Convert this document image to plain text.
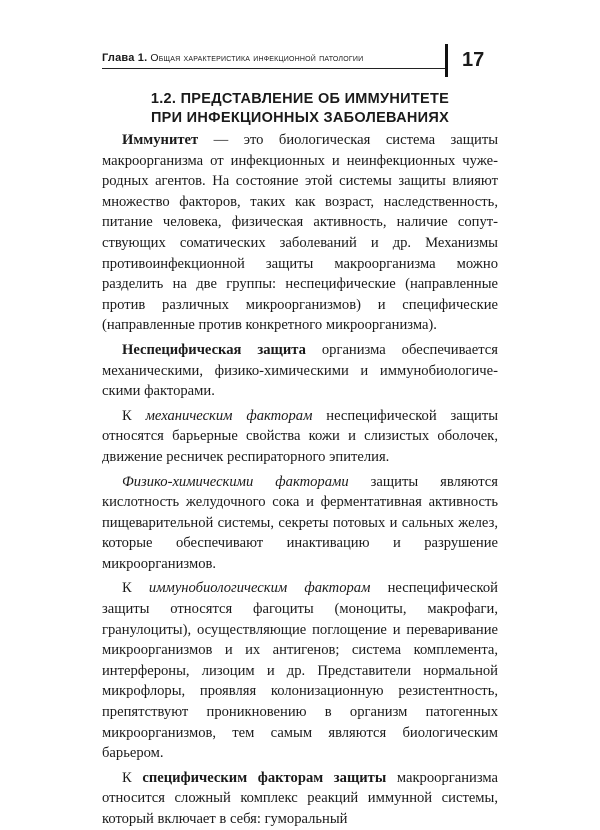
Глава 1. Общая характеристика инфекционной патологии	17
1.2. ПРЕДСТАВЛЕНИЕ ОБ ИММУНИТЕТЕ
ПРИ ИНФЕКЦИОННЫХ ЗАБОЛЕВАНИЯХ

Иммунитет — это биологическая система защиты макроорганизма от инфекционных и неинфекционных чужеродных агентов. На состояние этой системы защиты влияют множество факторов, таких как возраст, наследственность, питание человека, физическая активность, наличие сопутствующих соматических заболеваний и др. Механизмы противоинфекционной защиты макроорганизма можно разделить на две группы: неспецифические (направленные против различных микроорганизмов) и специфические (направленные против конкретного микроорганизма).

Неспецифическая защита организма обеспечивается механическими, физико-химическими и иммунобиологическими факторами.

К механическим факторам неспецифической защиты относятся барьерные свойства кожи и слизистых оболочек, движение ресничек респираторного эпителия.

Физико-химическими факторами защиты являются кислотность желудочного сока и ферментативная активность пищеварительной системы, секреты потовых и сальных желез, которые обеспечивают инактивацию и разрушение микроорганизмов.

К иммунобиологическим факторам неспецифической защиты относятся фагоциты (моноциты, макрофаги, гранулоциты), осуществляющие поглощение и переваривание микроорганизмов и их антигенов; система комплемента, интерфероны, лизоцим и др. Представители нормальной микрофлоры, проявляя колонизационную резистентность, препятствуют проникновению в организм патогенных микроорганизмов, тем самым являются биологическим барьером.

К специфическим факторам защиты макроорганизма относится сложный комплекс реакций иммунной системы, который включает в себя: гуморальный
